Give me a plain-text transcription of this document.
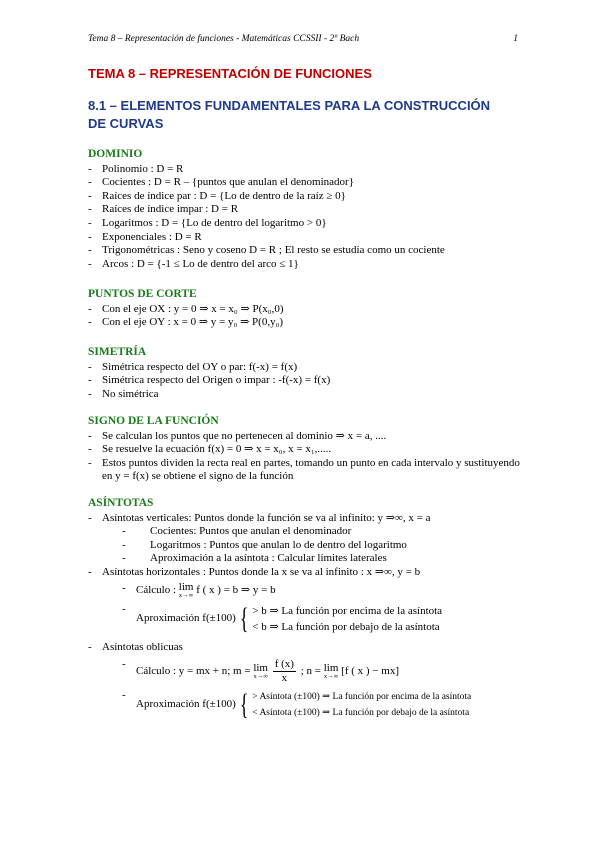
Tema 8 – Representación de funciones - Matemáticas CCSSII - 2º Bach	1
TEMA 8 – REPRESENTACIÓN DE FUNCIONES
8.1 – ELEMENTOS FUNDAMENTALES PARA LA CONSTRUCCIÓN DE CURVAS
DOMINIO
- Polinomio : D = R
- Cocientes : D = R – {puntos que anulan el denominador}
- Raíces de índice par : D = {Lo de dentro de la raíz ≥ 0}
- Raíces de índice impar : D = R
- Logaritmos : D = {Lo de dentro del logaritmo > 0}
- Exponenciales : D = R
- Trigonométricas : Seno y coseno D = R ; El resto se estudia como un cociente
- Arcos : D = {-1 ≤ Lo de dentro del arco ≤ 1}
PUNTOS DE CORTE
- Con el eje OX : y = 0 ⇒ x = x₀ ⇒ P(x₀,0)
- Con el eje OY : x = 0 ⇒ y = y₀ ⇒ P(0,y₀)
SIMETRÍA
- Simétrica respecto del OY o par: f(-x) = f(x)
- Simétrica respecto del Origen o impar : -f(-x) = f(x)
- No simétrica
SIGNO DE LA FUNCIÓN
- Se calculan los puntos que no pertenecen al dominio ⇒ x = a, ....
- Se resuelve la ecuación f(x) = 0 ⇒ x = x₀, x = x₁,.....
- Estos puntos dividen la recta real en partes, tomando un punto en cada intervalo y sustituyendo en y = f(x) se obtiene el signo de la función
ASÍNTOTAS
- Asíntotas verticales: Puntos donde la función se va al infinito: y ⇒∞, x = a
- Cocientes: Puntos que anulan el denominador
- Logaritmos : Puntos que anulan lo de dentro del logaritmo
- Aproximación a la asíntota : Calcular límites laterales
- Asíntotas horizontales : Puntos donde la x se va al infinito : x ⇒∞, y = b
- Cálculo : lim
x→∞ f ( x ) = b ⇒ y = b
- Aproximación f(±100) { > b ⇒ La función por encima de la asíntota
< b ⇒ La función por debajo de la asíntota
- Asíntotas oblicuas
- Cálculo : y = mx + n; m = lim
x→∞
$\frac{f (x)}{x}$ ; n = lim
x→∞ [f ( x ) − mx]
- Aproximación f(±100) { > Asíntota (±100) ⇒ La función por encima de la asíntota
< Asíntota (±100) ⇒ La función por debajo de la asíntota
